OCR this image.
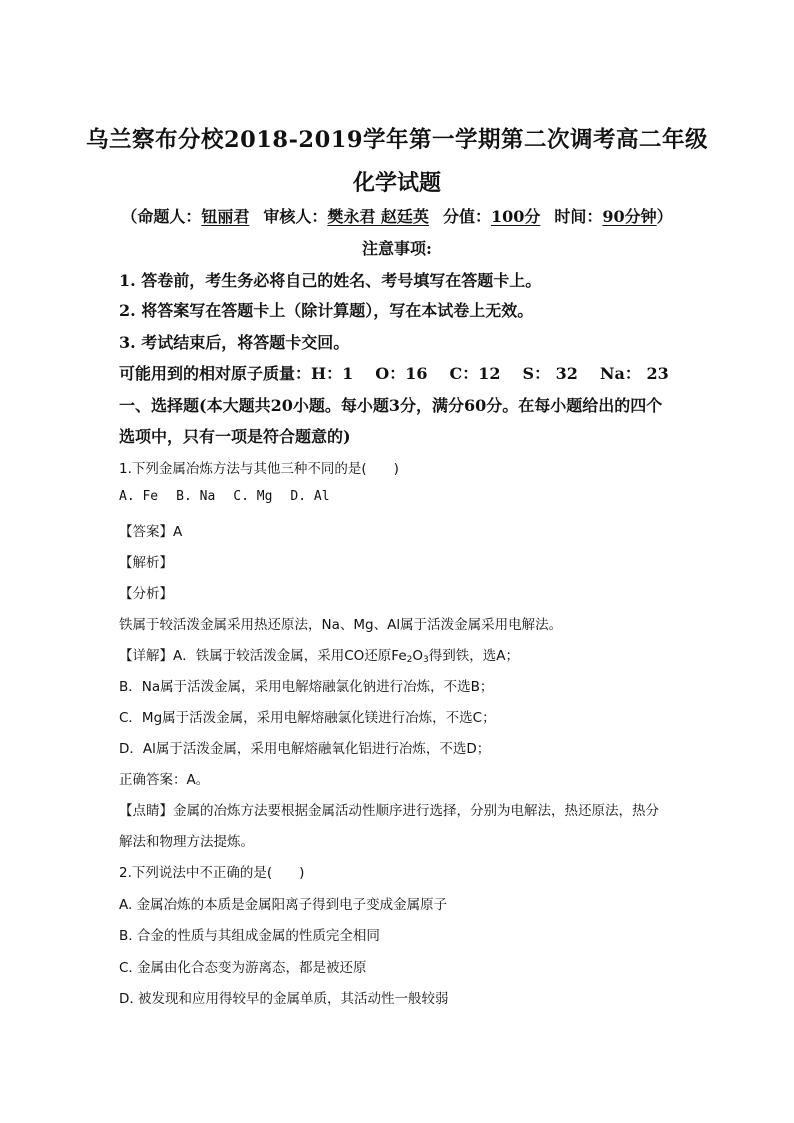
乌兰察布分校2018-2019学年第一学期第二次调考高二年级
化学试题
（命题人：钮丽君 审核人：樊永君 赵廷英 分值：100分 时间：90分钟）
注意事项:
1. 答卷前，考生务必将自己的姓名、考号填写在答题卡上。
2. 将答案写在答题卡上（除计算题），写在本试卷上无效。
3. 考试结束后，将答题卡交回。
可能用到的相对原子质量：H：1 O：16 C：12 S： 32 Na： 23
一、选择题(本大题共20小题。每小题3分，满分60分。在每小题给出的四个
选项中，只有一项是符合题意的)
1.下列金属冶炼方法与其他三种不同的是(　　)
A. Fe B. Na C. Mg D. Al
【答案】A
【解析】
【分析】
铁属于较活泼金属采用热还原法，Na、Mg、Al属于活泼金属采用电解法。
【详解】A．铁属于较活泼金属，采用CO还原$Fe_2O_3$得到铁，选A；
B．Na属于活泼金属，采用电解熔融氯化钠进行冶炼，不选B；
C．Mg属于活泼金属，采用电解熔融氯化镁进行冶炼，不选C；
D．Al属于活泼金属，采用电解熔融氧化铝进行冶炼，不选D；
正确答案：A。
【点睛】金属的冶炼方法要根据金属活动性顺序进行选择，分别为电解法，热还原法，热分
解法和物理方法提炼。
2.下列说法中不正确的是(　　)
A. 金属冶炼的本质是金属阳离子得到电子变成金属原子
B. 合金的性质与其组成金属的性质完全相同
C. 金属由化合态变为游离态，都是被还原
D. 被发现和应用得较早的金属单质，其活动性一般较弱
